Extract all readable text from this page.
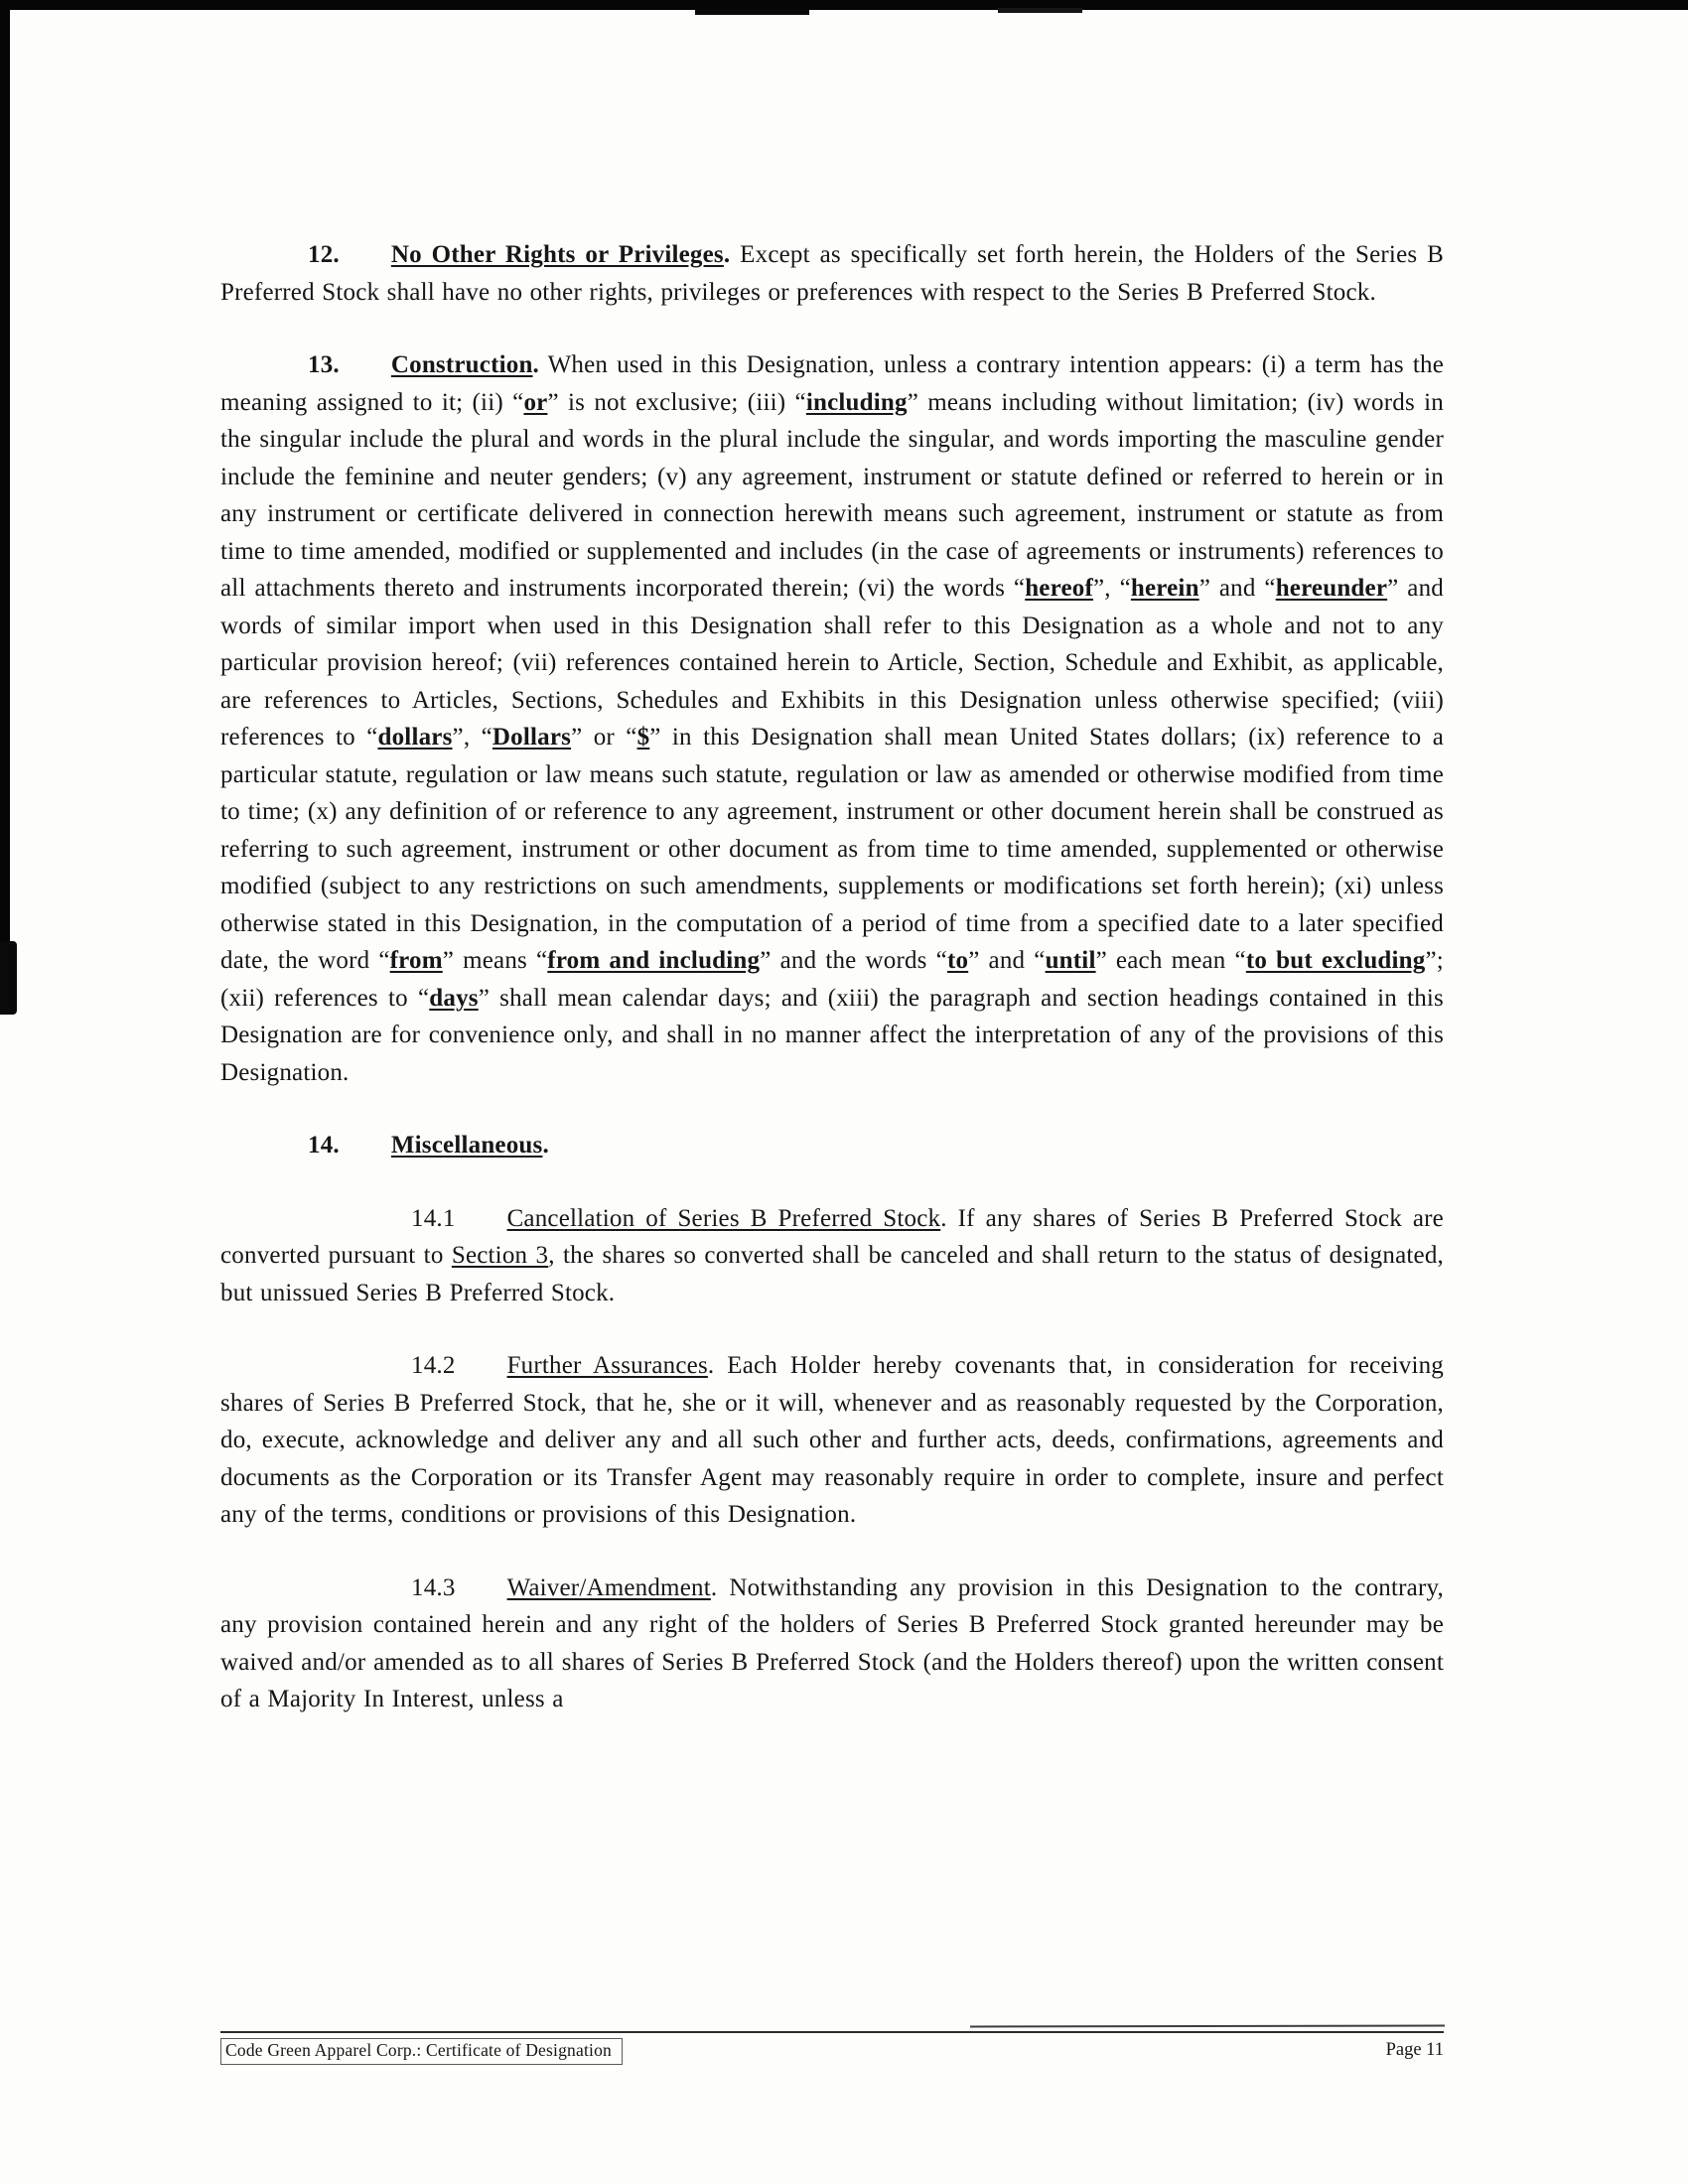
12. No Other Rights or Privileges. Except as specifically set forth herein, the Holders of the Series B Preferred Stock shall have no other rights, privileges or preferences with respect to the Series B Preferred Stock.

13. Construction. When used in this Designation, unless a contrary intention appears: (i) a term has the meaning assigned to it; (ii) “or” is not exclusive; (iii) “including” means including without limitation; (iv) words in the singular include the plural and words in the plural include the singular, and words importing the masculine gender include the feminine and neuter genders; (v) any agreement, instrument or statute defined or referred to herein or in any instrument or certificate delivered in connection herewith means such agreement, instrument or statute as from time to time amended, modified or supplemented and includes (in the case of agreements or instruments) references to all attachments thereto and instruments incorporated therein; (vi) the words “hereof”, “herein” and “hereunder” and words of similar import when used in this Designation shall refer to this Designation as a whole and not to any particular provision hereof; (vii) references contained herein to Article, Section, Schedule and Exhibit, as applicable, are references to Articles, Sections, Schedules and Exhibits in this Designation unless otherwise specified; (viii) references to “dollars”, “Dollars” or “$” in this Designation shall mean United States dollars; (ix) reference to a particular statute, regulation or law means such statute, regulation or law as amended or otherwise modified from time to time; (x) any definition of or reference to any agreement, instrument or other document herein shall be construed as referring to such agreement, instrument or other document as from time to time amended, supplemented or otherwise modified (subject to any restrictions on such amendments, supplements or modifications set forth herein); (xi) unless otherwise stated in this Designation, in the computation of a period of time from a specified date to a later specified date, the word “from” means “from and including” and the words “to” and “until” each mean “to but excluding”; (xii) references to “days” shall mean calendar days; and (xiii) the paragraph and section headings contained in this Designation are for convenience only, and shall in no manner affect the interpretation of any of the provisions of this Designation.

14. Miscellaneous.

14.1 Cancellation of Series B Preferred Stock. If any shares of Series B Preferred Stock are converted pursuant to Section 3, the shares so converted shall be canceled and shall return to the status of designated, but unissued Series B Preferred Stock.

14.2 Further Assurances. Each Holder hereby covenants that, in consideration for receiving shares of Series B Preferred Stock, that he, she or it will, whenever and as reasonably requested by the Corporation, do, execute, acknowledge and deliver any and all such other and further acts, deeds, confirmations, agreements and documents as the Corporation or its Transfer Agent may reasonably require in order to complete, insure and perfect any of the terms, conditions or provisions of this Designation.

14.3 Waiver/Amendment. Notwithstanding any provision in this Designation to the contrary, any provision contained herein and any right of the holders of Series B Preferred Stock granted hereunder may be waived and/or amended as to all shares of Series B Preferred Stock (and the Holders thereof) upon the written consent of a Majority In Interest, unless a

Code Green Apparel Corp.: Certificate of Designation	Page 11
